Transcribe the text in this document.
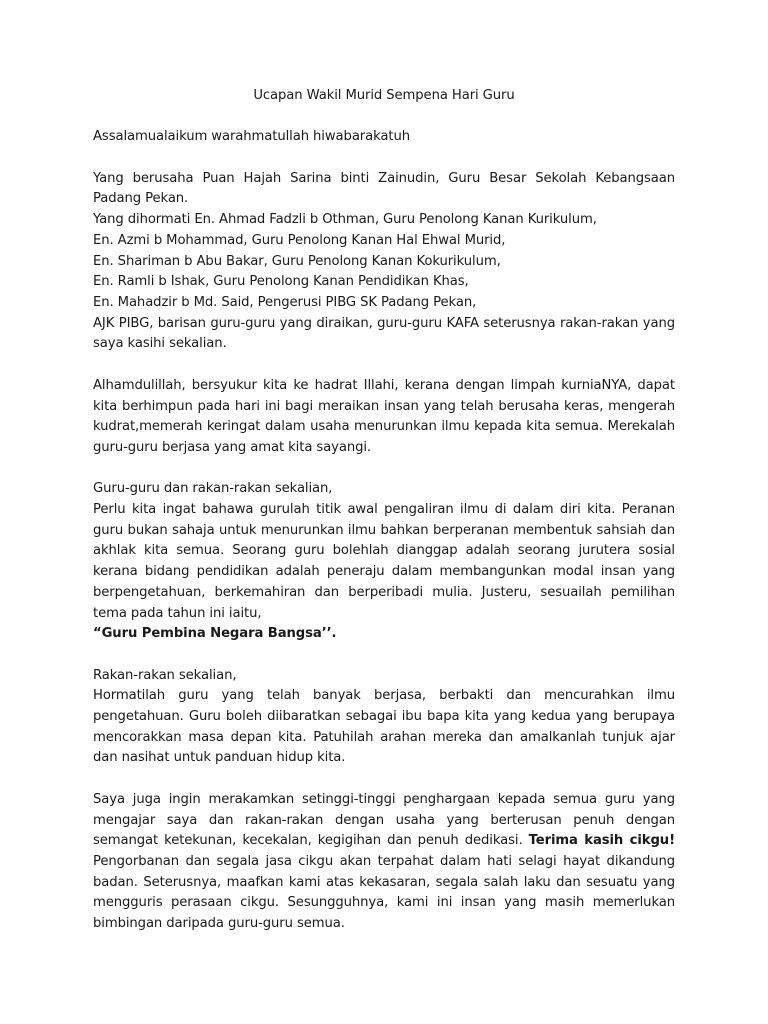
Ucapan Wakil Murid Sempena Hari Guru

Assalamualaikum warahmatullah hiwabarakatuh

Yang berusaha Puan Hajah Sarina binti Zainudin, Guru Besar Sekolah Kebangsaan Padang Pekan.
Yang dihormati En. Ahmad Fadzli b Othman, Guru Penolong Kanan Kurikulum,
En. Azmi b Mohammad, Guru Penolong Kanan Hal Ehwal Murid,
En. Shariman b Abu Bakar, Guru Penolong Kanan Kokurikulum,
En. Ramli b Ishak, Guru Penolong Kanan Pendidikan Khas,
En. Mahadzir b Md. Said, Pengerusi PIBG SK Padang Pekan,
AJK PIBG, barisan guru-guru yang diraikan, guru-guru KAFA seterusnya rakan-rakan yang saya kasihi sekalian.

Alhamdulillah, bersyukur kita ke hadrat Illahi, kerana dengan limpah kurniaNYA, dapat kita berhimpun pada hari ini bagi meraikan insan yang telah berusaha keras, mengerah kudrat,memerah keringat dalam usaha menurunkan ilmu kepada kita semua. Merekalah guru-guru berjasa yang amat kita sayangi.

Guru-guru dan rakan-rakan sekalian,
Perlu kita ingat bahawa gurulah titik awal pengaliran ilmu di dalam diri kita. Peranan guru bukan sahaja untuk menurunkan ilmu bahkan berperanan membentuk sahsiah dan akhlak kita semua. Seorang guru bolehlah dianggap adalah seorang jurutera sosial kerana bidang pendidikan adalah peneraju dalam membangunkan modal insan yang berpengetahuan, berkemahiran dan berperibadi mulia. Justeru, sesuailah pemilihan tema pada tahun ini iaitu,
“Guru Pembina Negara Bangsa’’.

Rakan-rakan sekalian,
Hormatilah guru yang telah banyak berjasa, berbakti dan mencurahkan ilmu pengetahuan. Guru boleh diibaratkan sebagai ibu bapa kita yang kedua yang berupaya mencorakkan masa depan kita. Patuhilah arahan mereka dan amalkanlah tunjuk ajar dan nasihat untuk panduan hidup kita.

Saya juga ingin merakamkan setinggi-tinggi penghargaan kepada semua guru yang mengajar saya dan rakan-rakan dengan usaha yang berterusan penuh dengan semangat ketekunan, kecekalan, kegigihan dan penuh dedikasi. Terima kasih cikgu! Pengorbanan dan segala jasa cikgu akan terpahat dalam hati selagi hayat dikandung badan. Seterusnya, maafkan kami atas kekasaran, segala salah laku dan sesuatu yang mengguris perasaan cikgu. Sesungguhnya, kami ini insan yang masih memerlukan bimbingan daripada guru-guru semua.
